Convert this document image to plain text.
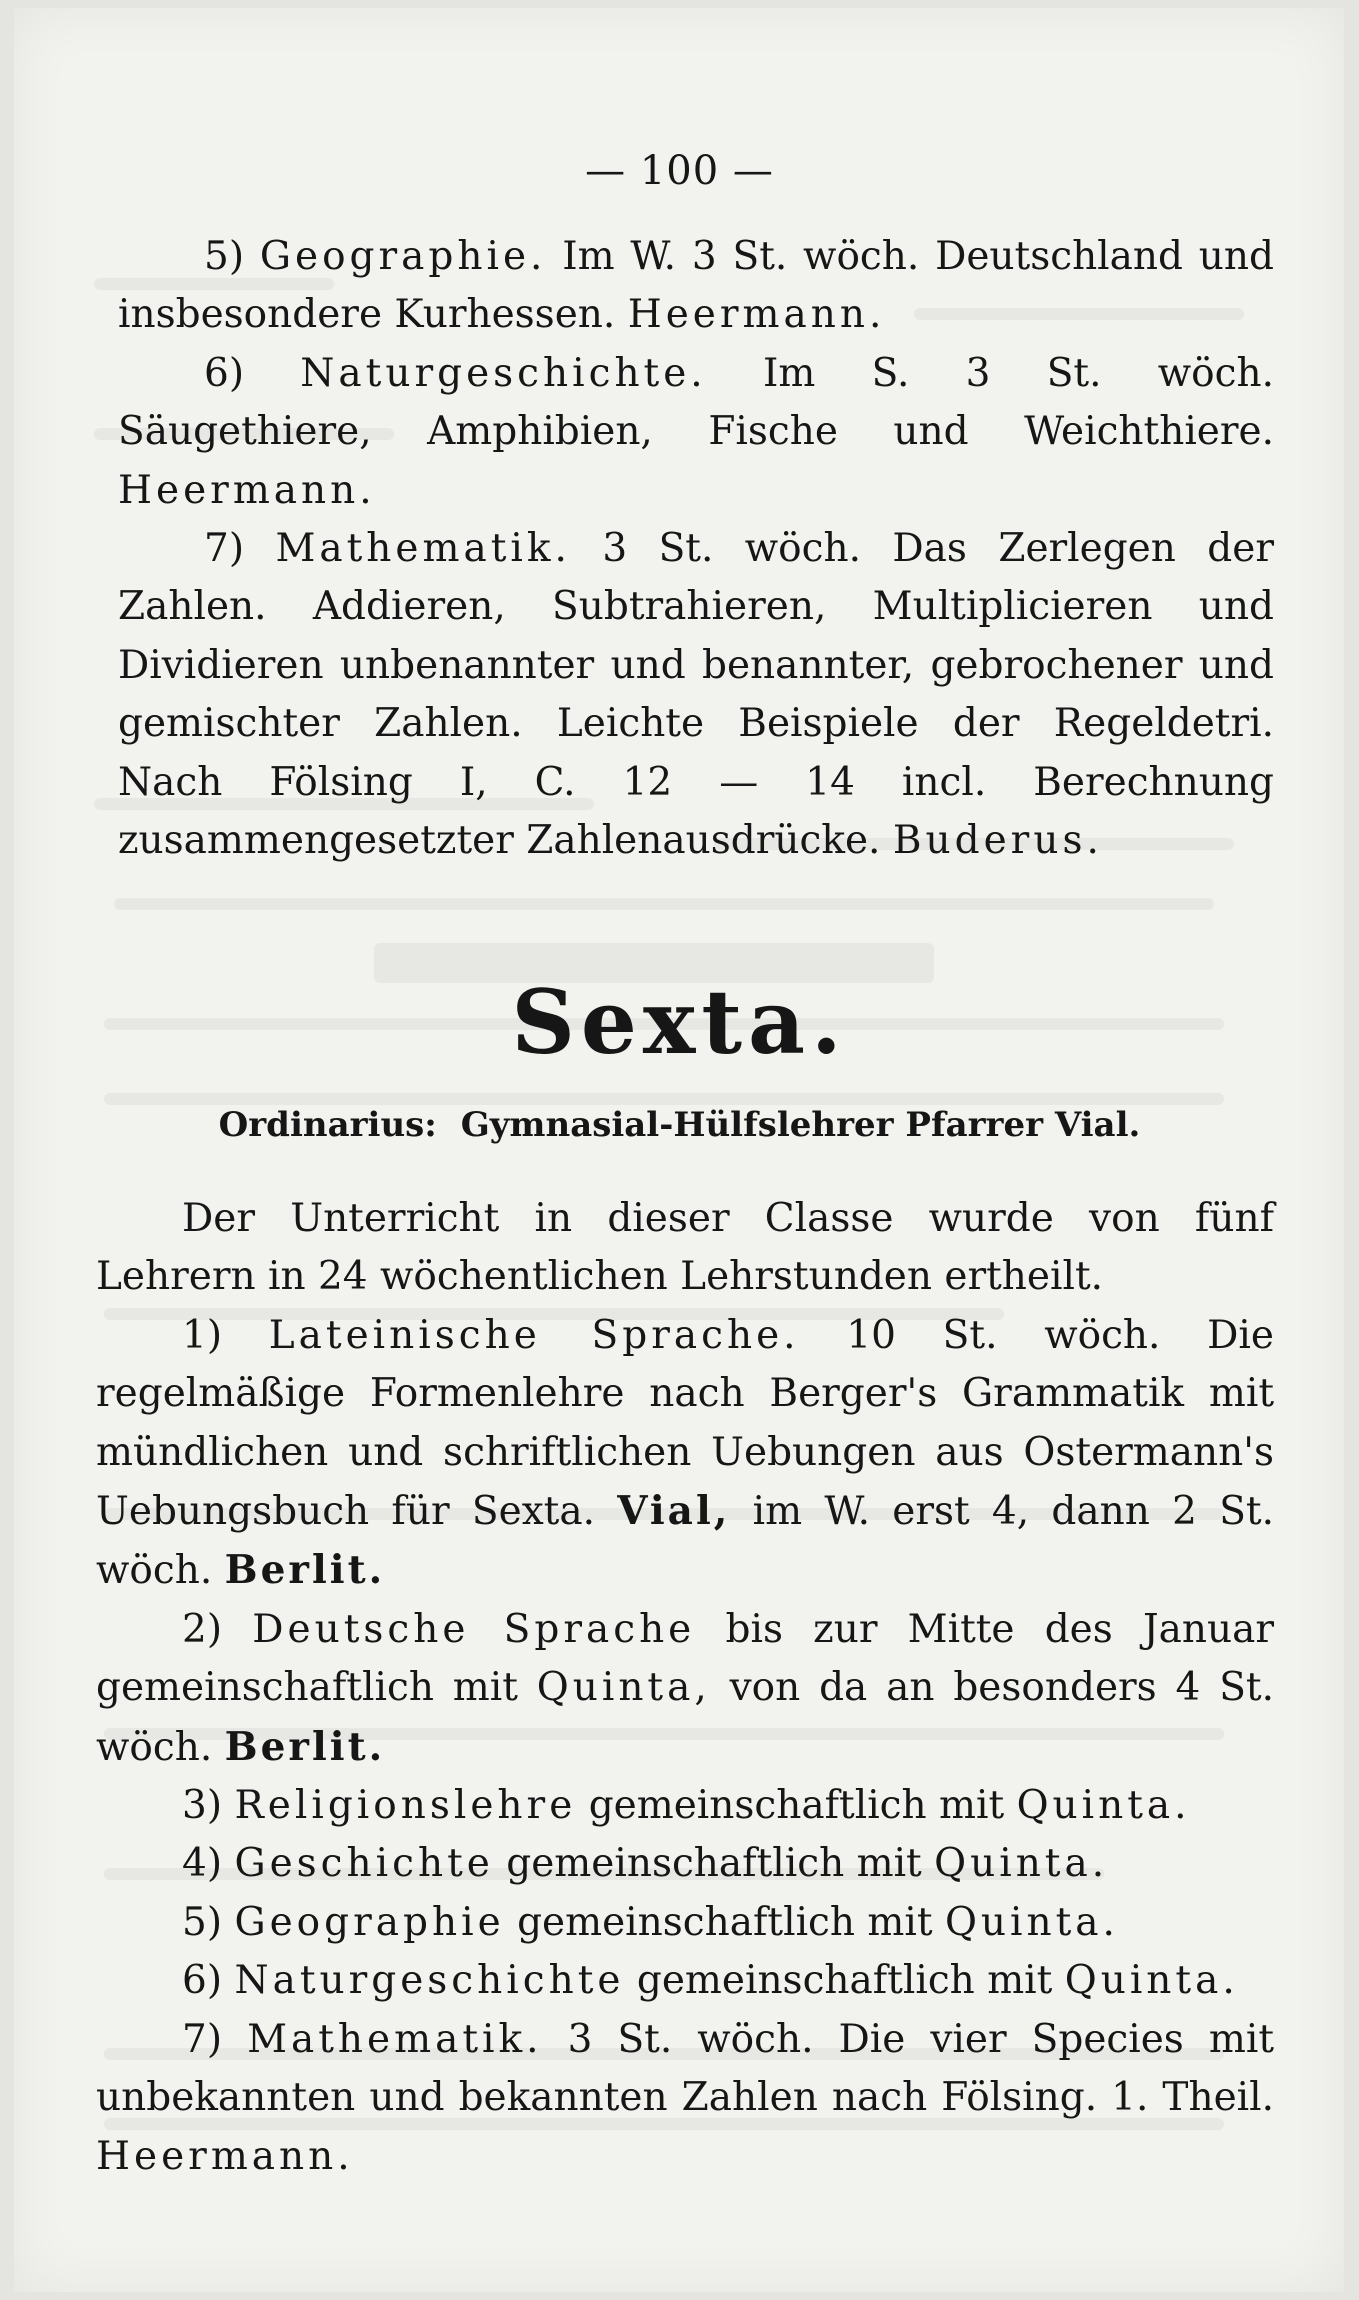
— 100 —

5) Geographie. Im W. 3 St. wöch. Deutschland und insbesondere Kurhessen. Heermann.

6) Naturgeschichte. Im S. 3 St. wöch. Säugethiere, Amphibien, Fische und Weichthiere. Heermann.

7) Mathematik. 3 St. wöch. Das Zerlegen der Zahlen. Addieren, Subtrahieren, Multiplicieren und Dividieren unbenannter und benannter, gebrochener und gemischter Zahlen. Leichte Beispiele der Regeldetri. Nach Fölsing I, C. 12 — 14 incl. Berechnung zusammengesetzter Zahlenausdrücke. Buderus.

Sexta.
Ordinarius: Gymnasial-Hülfslehrer Pfarrer Vial.

Der Unterricht in dieser Classe wurde von fünf Lehrern in 24 wöchentlichen Lehrstunden ertheilt.

1) Lateinische Sprache. 10 St. wöch. Die regelmäßige Formenlehre nach Berger's Grammatik mit mündlichen und schriftlichen Uebungen aus Ostermann's Uebungsbuch für Sexta. Vial, im W. erst 4, dann 2 St. wöch. Berlit.

2) Deutsche Sprache bis zur Mitte des Januar gemeinschaftlich mit Quinta, von da an besonders 4 St. wöch. Berlit.

3) Religionslehre gemeinschaftlich mit Quinta.

4) Geschichte gemeinschaftlich mit Quinta.

5) Geographie gemeinschaftlich mit Quinta.

6) Naturgeschichte gemeinschaftlich mit Quinta.

7) Mathematik. 3 St. wöch. Die vier Species mit unbekannten und bekannten Zahlen nach Fölsing. 1. Theil. Heermann.
